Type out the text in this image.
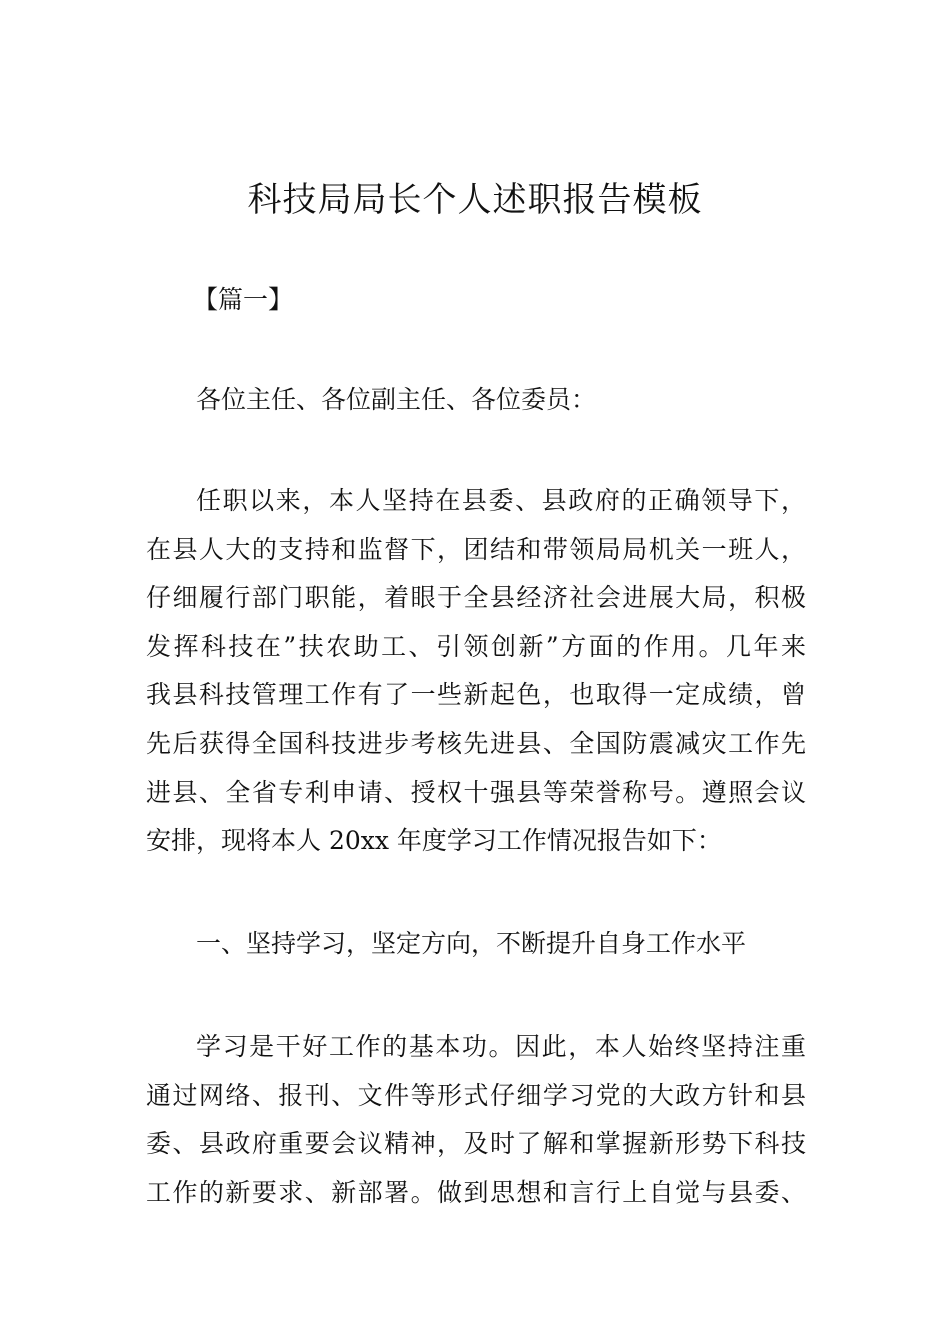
科技局局长个人述职报告模板

【篇一】

各位主任、各位副主任、各位委员：

任职以来，本人坚持在县委、县政府的正确领导下，
在县人大的支持和监督下，团结和带领局局机关一班人，
仔细履行部门职能，着眼于全县经济社会进展大局，积极
发挥科技在”扶农助工、引领创新”方面的作用。几年来
我县科技管理工作有了一些新起色，也取得一定成绩，曾
先后获得全国科技进步考核先进县、全国防震减灾工作先
进县、全省专利申请、授权十强县等荣誉称号。遵照会议
安排，现将本人 20xx 年度学习工作情况报告如下：
一、坚持学习，坚定方向，不断提升自身工作水平
学习是干好工作的基本功。因此，本人始终坚持注重
通过网络、报刊、文件等形式仔细学习党的大政方针和县
委、县政府重要会议精神，及时了解和掌握新形势下科技
工作的新要求、新部署。做到思想和言行上自觉与县委、
